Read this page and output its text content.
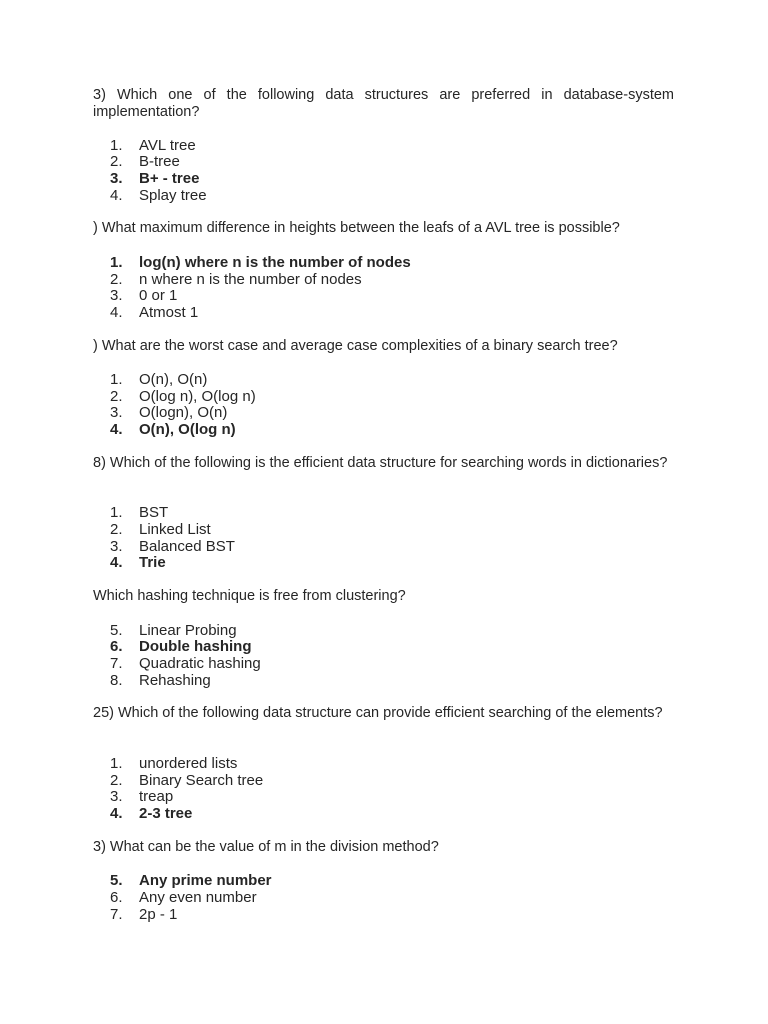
3) Which one of the following data structures are preferred in database-system implementation?

1. AVL tree
2. B-tree
3. B+ - tree
4. Splay tree

) What maximum difference in heights between the leafs of a AVL tree is possible?

1. log(n) where n is the number of nodes
2. n where n is the number of nodes
3. 0 or 1
4. Atmost 1

) What are the worst case and average case complexities of a binary search tree?

1. O(n), O(n)
2. O(log n), O(log n)
3. O(logn), O(n)
4. O(n), O(log n)

8) Which of the following is the efficient data structure for searching words in dictionaries?

1. BST
2. Linked List
3. Balanced BST
4. Trie

Which hashing technique is free from clustering?

5. Linear Probing
6. Double hashing
7. Quadratic hashing
8. Rehashing

25) Which of the following data structure can provide efficient searching of the elements?

1. unordered lists
2. Binary Search tree
3. treap
4. 2-3 tree

3) What can be the value of m in the division method?

5. Any prime number
6. Any even number
7. 2p - 1
